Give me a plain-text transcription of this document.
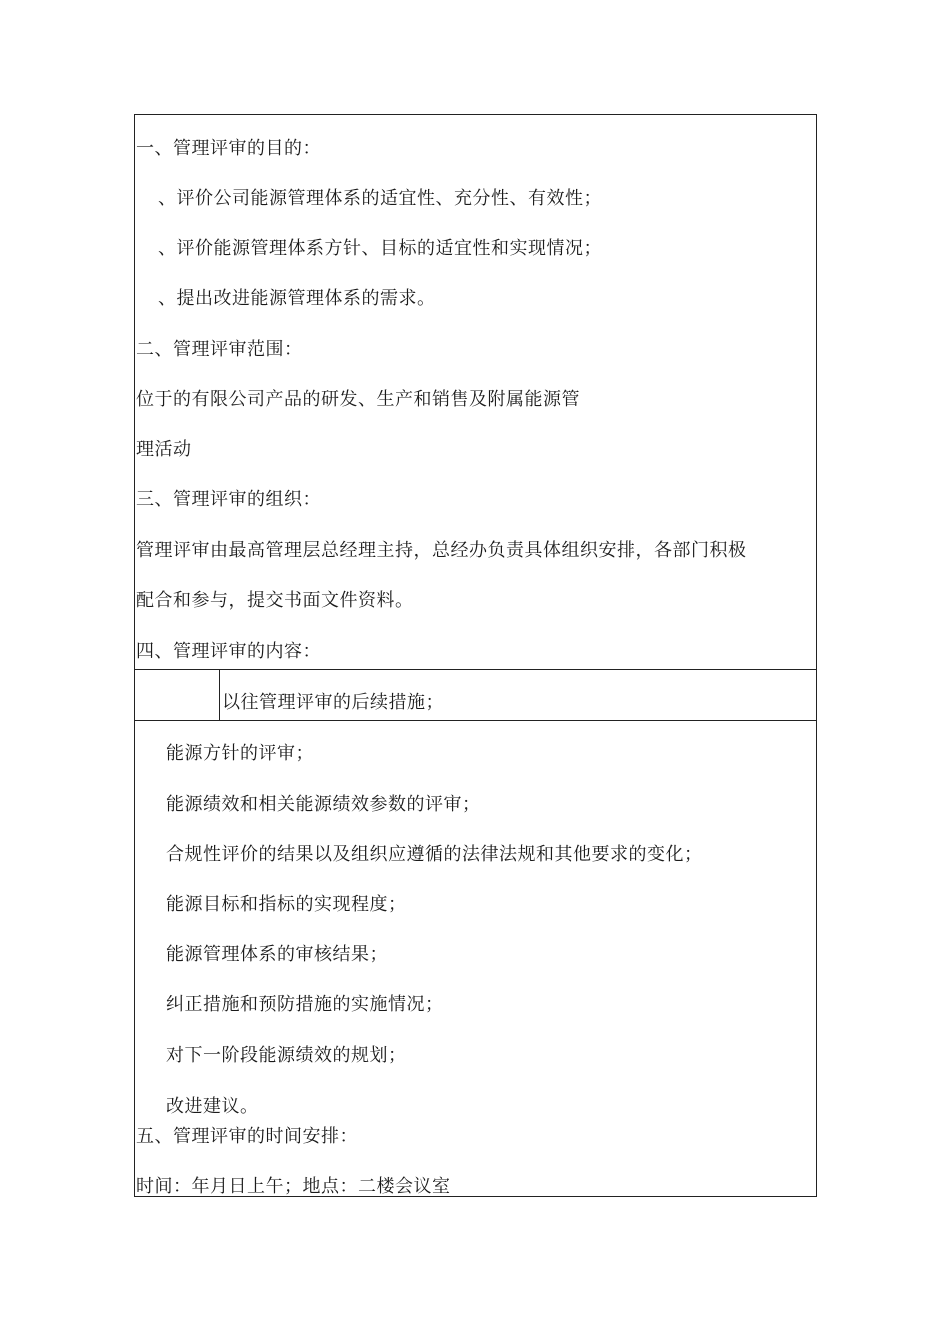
一、管理评审的目的：
、评价公司能源管理体系的适宜性、充分性、有效性；
、评价能源管理体系方针、目标的适宜性和实现情况；
、提出改进能源管理体系的需求。
二、管理评审范围：
位于的有限公司产品的研发、生产和销售及附属能源管
理活动
三、管理评审的组织：
管理评审由最高管理层总经理主持，总经办负责具体组织安排，各部门积极
配合和参与，提交书面文件资料。
四、管理评审的内容：
以往管理评审的后续措施；
能源方针的评审；
能源绩效和相关能源绩效参数的评审；
合规性评价的结果以及组织应遵循的法律法规和其他要求的变化；
能源目标和指标的实现程度；
能源管理体系的审核结果；
纠正措施和预防措施的实施情况；
对下一阶段能源绩效的规划；
改进建议。
五、管理评审的时间安排：
时间：年月日上午；地点：二楼会议室
